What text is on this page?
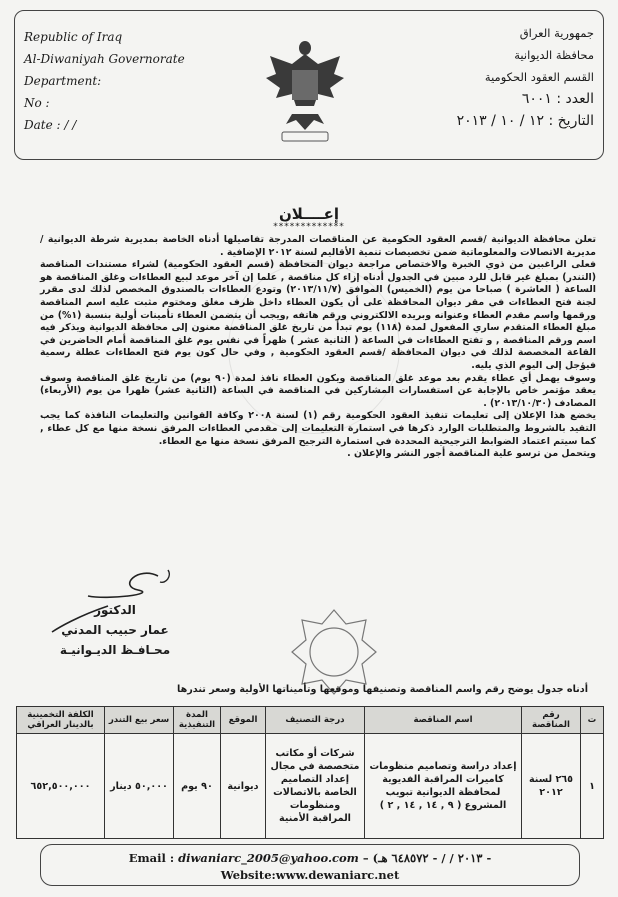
Republic of Iraq
Al-Diwaniyah Governorate
Department:
No :
Date : / /
جمهورية العراق
محافظة الديوانية
القسم العقود الحكومية
العدد : ٦٠٠١
التاريخ : ١٢ / ١٠ / ٢٠١٣
إعــــلان
*************

تعلن محافظة الديوانية /قسم العقود الحكومية عن المناقصات المدرجة تفاصيلها أدناه الخاصة بمديرية شرطة الديوانية / مديرية الاتصالات والمعلوماتية ضمن تخصيصات تنمية الأقاليم لسنة ٢٠١٢ الإضافية .

فعلى الراغبين من ذوي الخبرة والاختصاص مراجعة ديوان المحافظة (قسم العقود الحكومية) لشراء مستندات المناقصة (التندر) بمبلغ غير قابل للرد مبين في الجدول أدناه إزاء كل مناقصة , علما إن آخر موعد لبيع العطاءات وغلق المناقصة هو الساعة ( العاشرة ) صباحا من يوم (الخميس) الموافق (٢٠١٣/١١/٧) وتودع العطاءات بالصندوق المخصص لذلك لدى مقرر لجنة فتح العطاءات في مقر ديوان المحافظة على أن يكون العطاء داخل ظرف مغلق ومختوم مثبت عليه اسم المناقصة ورقمها واسم مقدم العطاء وعنوانه وبريده الالكتروني ورقم هاتفه ,ويجب أن يتضمن العطاء تأمينات أولية بنسبة (١%) من مبلغ العطاء المتقدم ساري المفعول لمدة (١١٨) يوم تبدأ من تاريخ غلق المناقصة معنون إلى محافظة الديوانية ويذكر فيه اسم ورقم المناقصة , و تفتح العطاءات في الساعة ( الثانية عشر ) ظهراً في نفس يوم غلق المناقصة أمام الحاضرين في القاعة المخصصة لذلك في ديوان المحافظة /قسم العقود الحكومية , وفي حال كون يوم فتح العطاءات عطلة رسمية فيؤجل إلى اليوم الذي يليه.

وسوف يهمل أي عطاء يقدم بعد موعد غلق المناقصة ويكون العطاء نافذ لمدة (٩٠ يوم) من تاريخ غلق المناقصة وسوف يعقد مؤتمر خاص بالإجابة عن استفسارات المشاركين في المناقصة في الساعة (الثانية عشر) ظهرا من يوم (الأربعاء) المصادف (٢٠١٣/١٠/٣٠) .

يخضع هذا الإعلان إلى تعليمات تنفيذ العقود الحكومية رقم (١) لسنة ٢٠٠٨ وكافة القوانين والتعليمات النافذة كما يجب التقيد بالشروط والمتطلبات الوارد ذكرها في استمارة التعليمات إلى مقدمي العطاءات المرفق نسخة منها مع كل عطاء , كما سيتم اعتماد الضوابط الترجيحية المحددة في استمارة الترجيح المرفق نسخة منها مع العطاء.

ويتحمل من ترسو علية المناقصة أجور النشر والإعلان .

الدكتور
عمار حبيب المدني
محـافـظ الديـوانيـة
أدناه جدول يوضح رقم واسم المناقصة وتصنيفها وموقعها وتأميناتها الأولية وسعر تندرها
ت	رقم المناقصة	اسم المناقصة	درجة التصنيف	الموقع	المدة التنفيذية	سعر بيع التندر	الكلفة التخمينية بالدينار العراقي
١	٢٦٥ لسنة ٢٠١٢	إعداد دراسة وتصاميم منظومات كاميرات المراقبة الفديوية لمحافظة الديوانية تبويب المشروع ( ٩ , ١٤ , ١٤ , ٢ )	شركات أو مكاتب متخصصة في مجال إعداد التصاميم الخاصة بالاتصالات ومنظومات المراقبة الأمنية	ديوانية	٩٠ يوم	٥٠,٠٠٠ دينار	٦٥٢,٥٠٠,٠٠٠
Email : diwaniarc_2005@yahoo.com – (٢٠١٣ / / - ٦٤٨٥٧٢ هـ -
Website:www.dewaniarc.net
